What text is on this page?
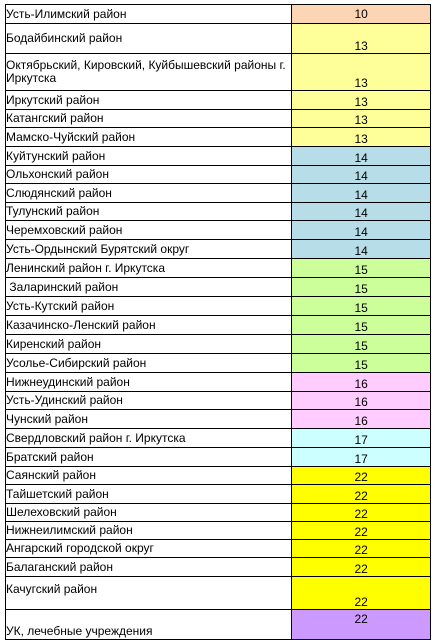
Усть-Илимский район	10
Бодайбинский район	13
Октябрьский, Кировский, Куйбышевский районы г. Иркутска	13
Иркутский район	13
Катангский район	13
Мамско-Чуйский район	13
Куйтунский район	14
Ольхонский район	14
Слюдянский район	14
Тулунский район	14
Черемховский район	14
Усть-Ордынский Бурятский округ	14
Ленинский район г. Иркутска	15
Заларинский район	15
Усть-Кутский район	15
Казачинско-Ленский район	15
Киренский район	15
Усолье-Сибирский район	15
Нижнеудинский район	16
Усть-Удинский район	16
Чунский район	16
Свердловский район г. Иркутска	17
Братский район	17
Саянский район	22
Тайшетский район	22
Шелеховский район	22
Нижнеилимский район	22
Ангарский городской округ	22
Балаганский район	22
Качугский район	22
УК, лечебные учреждения	22
